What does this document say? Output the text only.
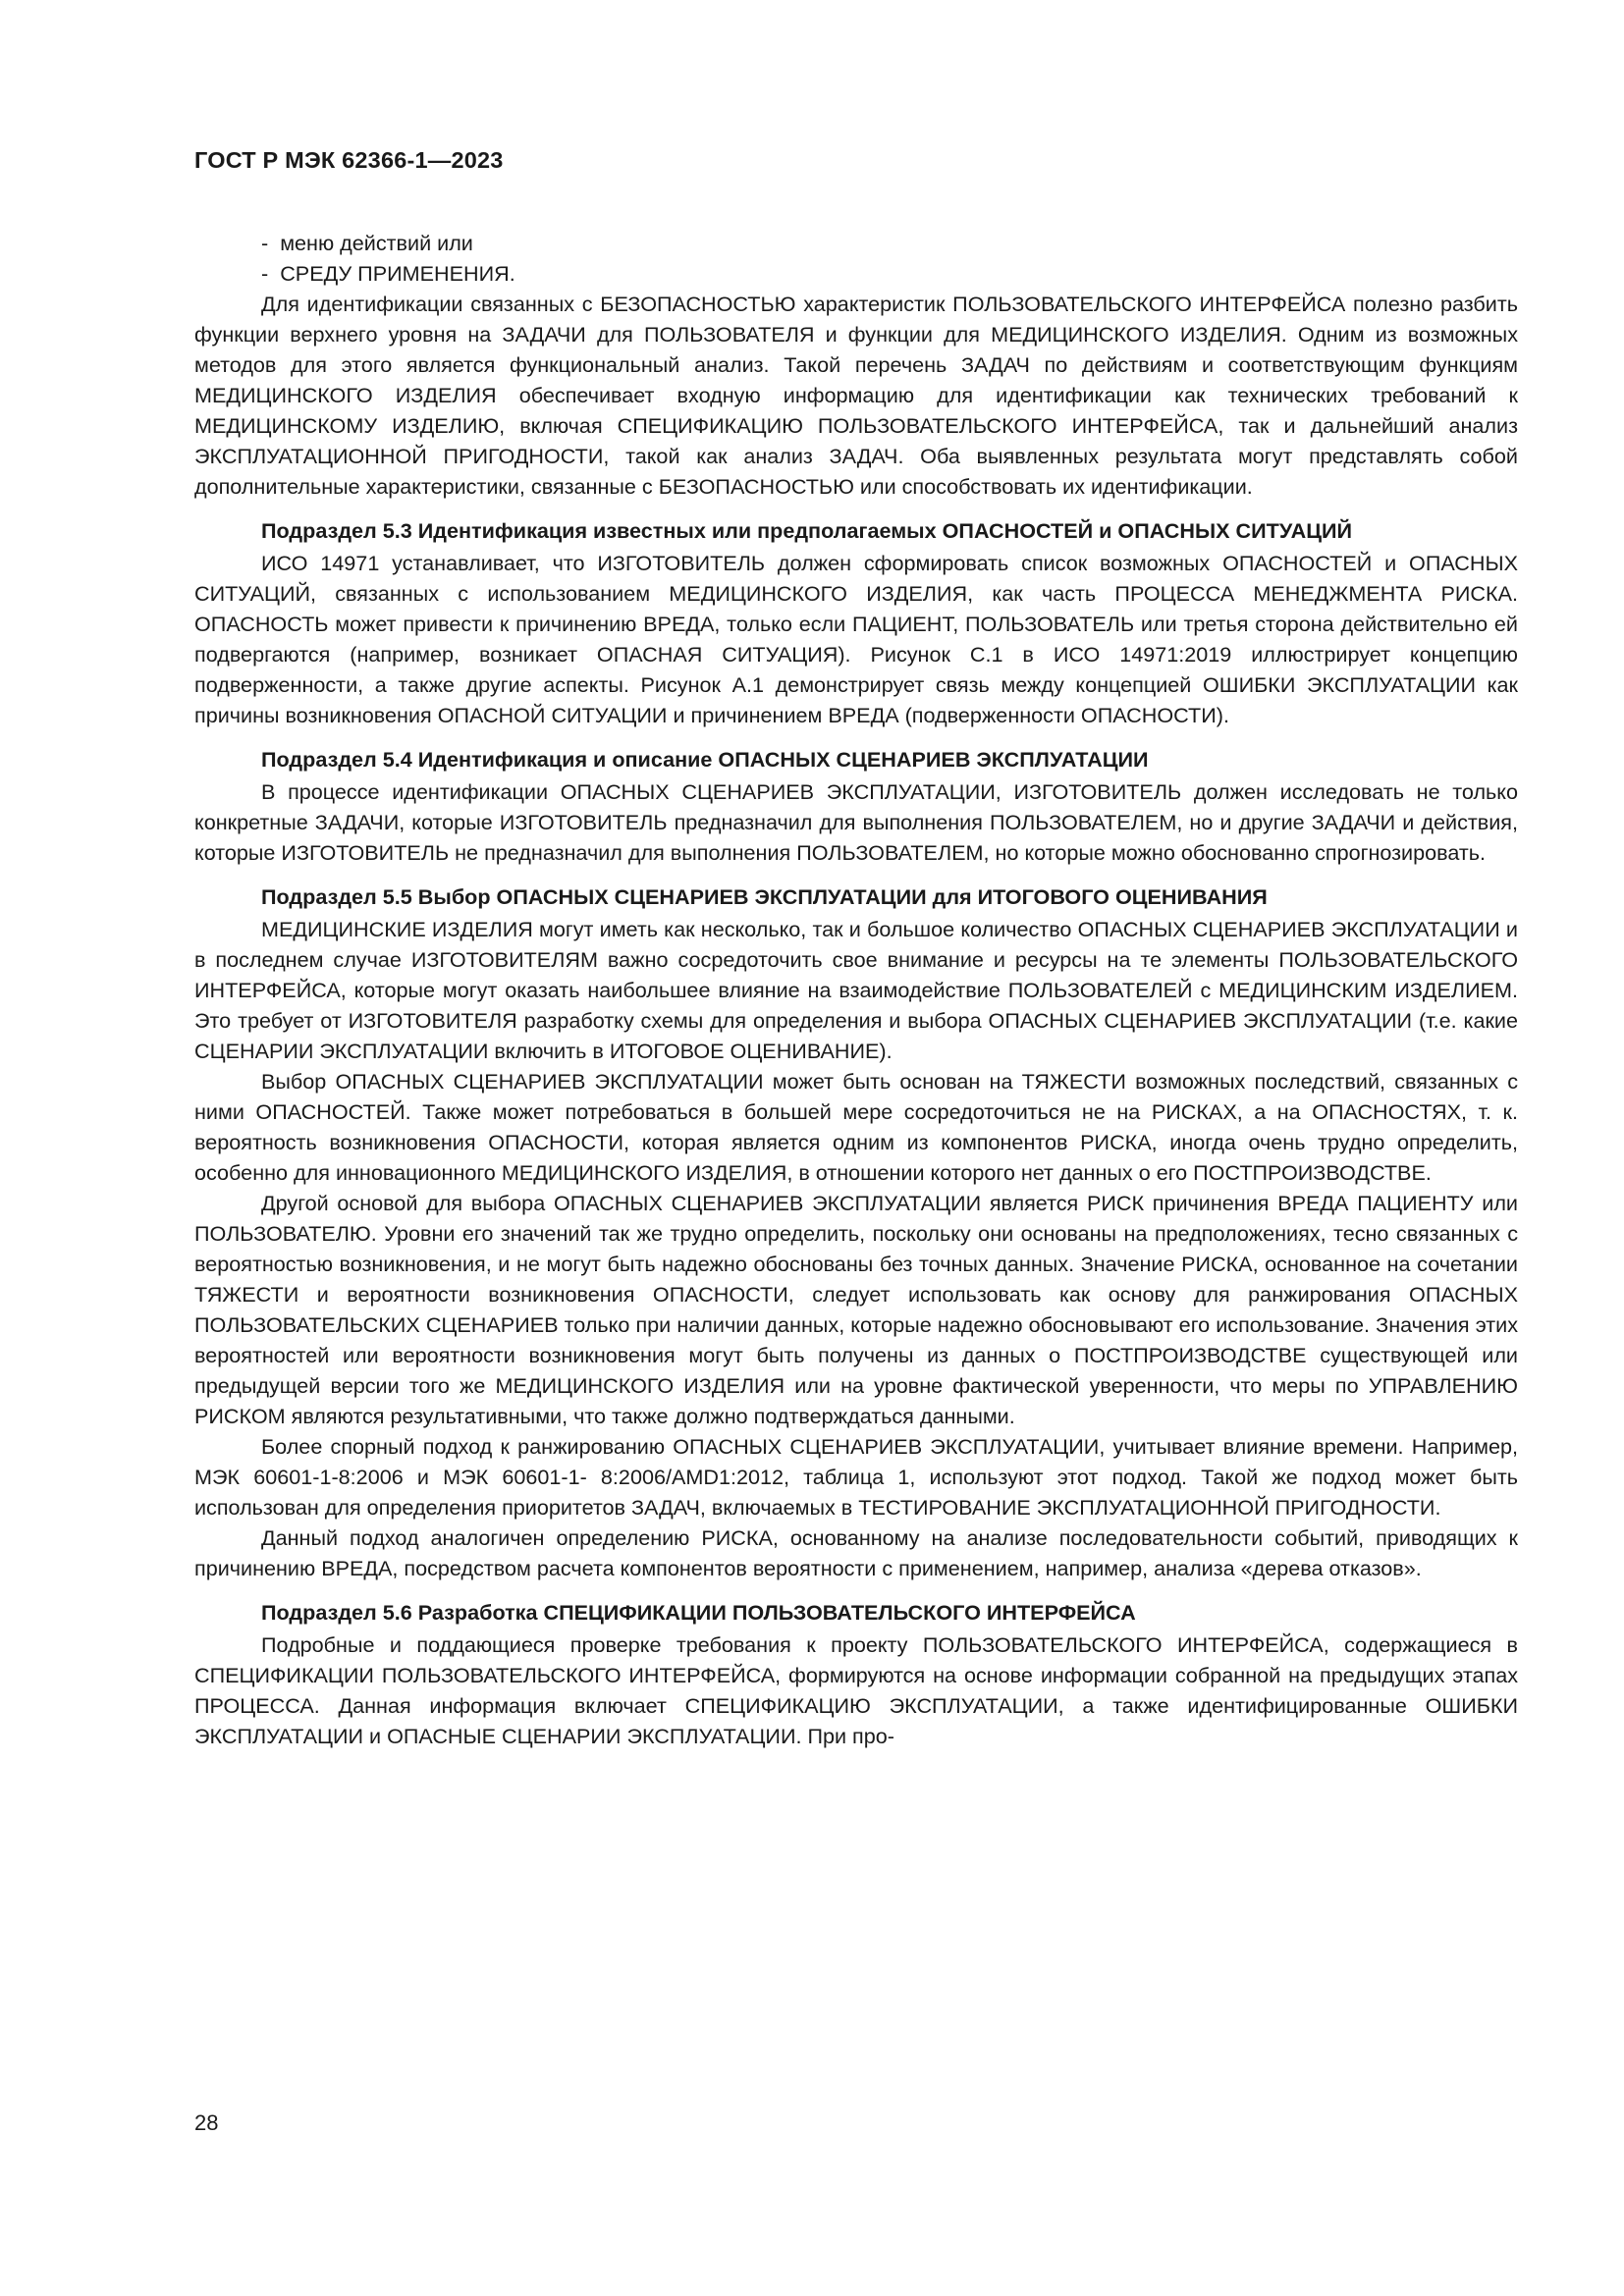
ГОСТ Р МЭК 62366-1—2023
-  меню действий или
-  СРЕДУ ПРИМЕНЕНИЯ.

Для идентификации связанных с БЕЗОПАСНОСТЬЮ характеристик ПОЛЬЗОВАТЕЛЬСКОГО ИНТЕРФЕЙСА полезно разбить функции верхнего уровня на ЗАДАЧИ для ПОЛЬЗОВАТЕЛЯ и функции для МЕДИЦИНСКОГО ИЗДЕЛИЯ. Одним из возможных методов для этого является функциональный анализ. Такой перечень ЗАДАЧ по действиям и соответствующим функциям МЕДИЦИНСКОГО ИЗДЕЛИЯ обеспечивает входную информацию для идентификации как технических требований к МЕДИЦИНСКОМУ ИЗДЕЛИЮ, включая СПЕЦИФИКАЦИЮ ПОЛЬЗОВАТЕЛЬСКОГО ИНТЕРФЕЙСА, так и дальнейший анализ ЭКСПЛУАТАЦИОННОЙ ПРИГОДНОСТИ, такой как анализ ЗАДАЧ. Оба выявленных результата могут представлять собой дополнительные характеристики, связанные с БЕЗОПАСНОСТЬЮ или способствовать их идентификации.

Подраздел 5.3 Идентификация известных или предполагаемых ОПАСНОСТЕЙ и ОПАСНЫХ СИТУАЦИЙ

ИСО 14971 устанавливает, что ИЗГОТОВИТЕЛЬ должен сформировать список возможных ОПАСНОСТЕЙ и ОПАСНЫХ СИТУАЦИЙ, связанных с использованием МЕДИЦИНСКОГО ИЗДЕЛИЯ, как часть ПРОЦЕССА МЕНЕДЖМЕНТА РИСКА. ОПАСНОСТЬ может привести к причинению ВРЕДА, только если ПАЦИЕНТ, ПОЛЬЗОВАТЕЛЬ или третья сторона действительно ей подвергаются (например, возникает ОПАСНАЯ СИТУАЦИЯ). Рисунок С.1 в ИСО 14971:2019 иллюстрирует концепцию подверженности, а также другие аспекты. Рисунок А.1 демонстрирует связь между концепцией ОШИБКИ ЭКСПЛУАТАЦИИ как причины возникновения ОПАСНОЙ СИТУАЦИИ и причинением ВРЕДА (подверженности ОПАСНОСТИ).

Подраздел 5.4 Идентификация и описание ОПАСНЫХ СЦЕНАРИЕВ ЭКСПЛУАТАЦИИ

В процессе идентификации ОПАСНЫХ СЦЕНАРИЕВ ЭКСПЛУАТАЦИИ, ИЗГОТОВИТЕЛЬ должен исследовать не только конкретные ЗАДАЧИ, которые ИЗГОТОВИТЕЛЬ предназначил для выполнения ПОЛЬЗОВАТЕЛЕМ, но и другие ЗАДАЧИ и действия, которые ИЗГОТОВИТЕЛЬ не предназначил для выполнения ПОЛЬЗОВАТЕЛЕМ, но которые можно обоснованно спрогнозировать.

Подраздел 5.5 Выбор ОПАСНЫХ СЦЕНАРИЕВ ЭКСПЛУАТАЦИИ для ИТОГОВОГО ОЦЕНИВАНИЯ

МЕДИЦИНСКИЕ ИЗДЕЛИЯ могут иметь как несколько, так и большое количество ОПАСНЫХ СЦЕНАРИЕВ ЭКСПЛУАТАЦИИ и в последнем случае ИЗГОТОВИТЕЛЯМ важно сосредоточить свое внимание и ресурсы на те элементы ПОЛЬЗОВАТЕЛЬСКОГО ИНТЕРФЕЙСА, которые могут оказать наибольшее влияние на взаимодействие ПОЛЬЗОВАТЕЛЕЙ с МЕДИЦИНСКИМ ИЗДЕЛИЕМ. Это требует от ИЗГОТОВИТЕЛЯ разработку схемы для определения и выбора ОПАСНЫХ СЦЕНАРИЕВ ЭКСПЛУАТАЦИИ (т.е. какие СЦЕНАРИИ ЭКСПЛУАТАЦИИ включить в ИТОГОВОЕ ОЦЕНИВАНИЕ).

Выбор ОПАСНЫХ СЦЕНАРИЕВ ЭКСПЛУАТАЦИИ может быть основан на ТЯЖЕСТИ возможных последствий, связанных с ними ОПАСНОСТЕЙ. Также может потребоваться в большей мере сосредоточиться не на РИСКАХ, а на ОПАСНОСТЯХ, т. к. вероятность возникновения ОПАСНОСТИ, которая является одним из компонентов РИСКА, иногда очень трудно определить, особенно для инновационного МЕДИЦИНСКОГО ИЗДЕЛИЯ, в отношении которого нет данных о его ПОСТПРОИЗВОДСТВЕ.

Другой основой для выбора ОПАСНЫХ СЦЕНАРИЕВ ЭКСПЛУАТАЦИИ является РИСК причинения ВРЕДА ПАЦИЕНТУ или ПОЛЬЗОВАТЕЛЮ. Уровни его значений так же трудно определить, поскольку они основаны на предположениях, тесно связанных с вероятностью возникновения, и не могут быть надежно обоснованы без точных данных. Значение РИСКА, основанное на сочетании ТЯЖЕСТИ и вероятности возникновения ОПАСНОСТИ, следует использовать как основу для ранжирования ОПАСНЫХ ПОЛЬЗОВАТЕЛЬСКИХ СЦЕНАРИЕВ только при наличии данных, которые надежно обосновывают его использование. Значения этих вероятностей или вероятности возникновения могут быть получены из данных о ПОСТПРОИЗВОДСТВЕ существующей или предыдущей версии того же МЕДИЦИНСКОГО ИЗДЕЛИЯ или на уровне фактической уверенности, что меры по УПРАВЛЕНИЮ РИСКОМ являются результативными, что также должно подтверждаться данными.

Более спорный подход к ранжированию ОПАСНЫХ СЦЕНАРИЕВ ЭКСПЛУАТАЦИИ, учитывает влияние времени. Например, МЭК 60601-1-8:2006 и МЭК 60601-1- 8:2006/AMD1:2012, таблица 1, используют этот подход. Такой же подход может быть использован для определения приоритетов ЗАДАЧ, включаемых в ТЕСТИРОВАНИЕ ЭКСПЛУАТАЦИОННОЙ ПРИГОДНОСТИ.

Данный подход аналогичен определению РИСКА, основанному на анализе последовательности событий, приводящих к причинению ВРЕДА, посредством расчета компонентов вероятности с применением, например, анализа «дерева отказов».

Подраздел 5.6 Разработка СПЕЦИФИКАЦИИ ПОЛЬЗОВАТЕЛЬСКОГО ИНТЕРФЕЙСА

Подробные и поддающиеся проверке требования к проекту ПОЛЬЗОВАТЕЛЬСКОГО ИНТЕРФЕЙСА, содержащиеся в СПЕЦИФИКАЦИИ ПОЛЬЗОВАТЕЛЬСКОГО ИНТЕРФЕЙСА, формируются на основе информации собранной на предыдущих этапах ПРОЦЕССА. Данная информация включает СПЕЦИФИКАЦИЮ ЭКСПЛУАТАЦИИ, а также идентифицированные ОШИБКИ ЭКСПЛУАТАЦИИ и ОПАСНЫЕ СЦЕНАРИИ ЭКСПЛУАТАЦИИ. При про-

28
